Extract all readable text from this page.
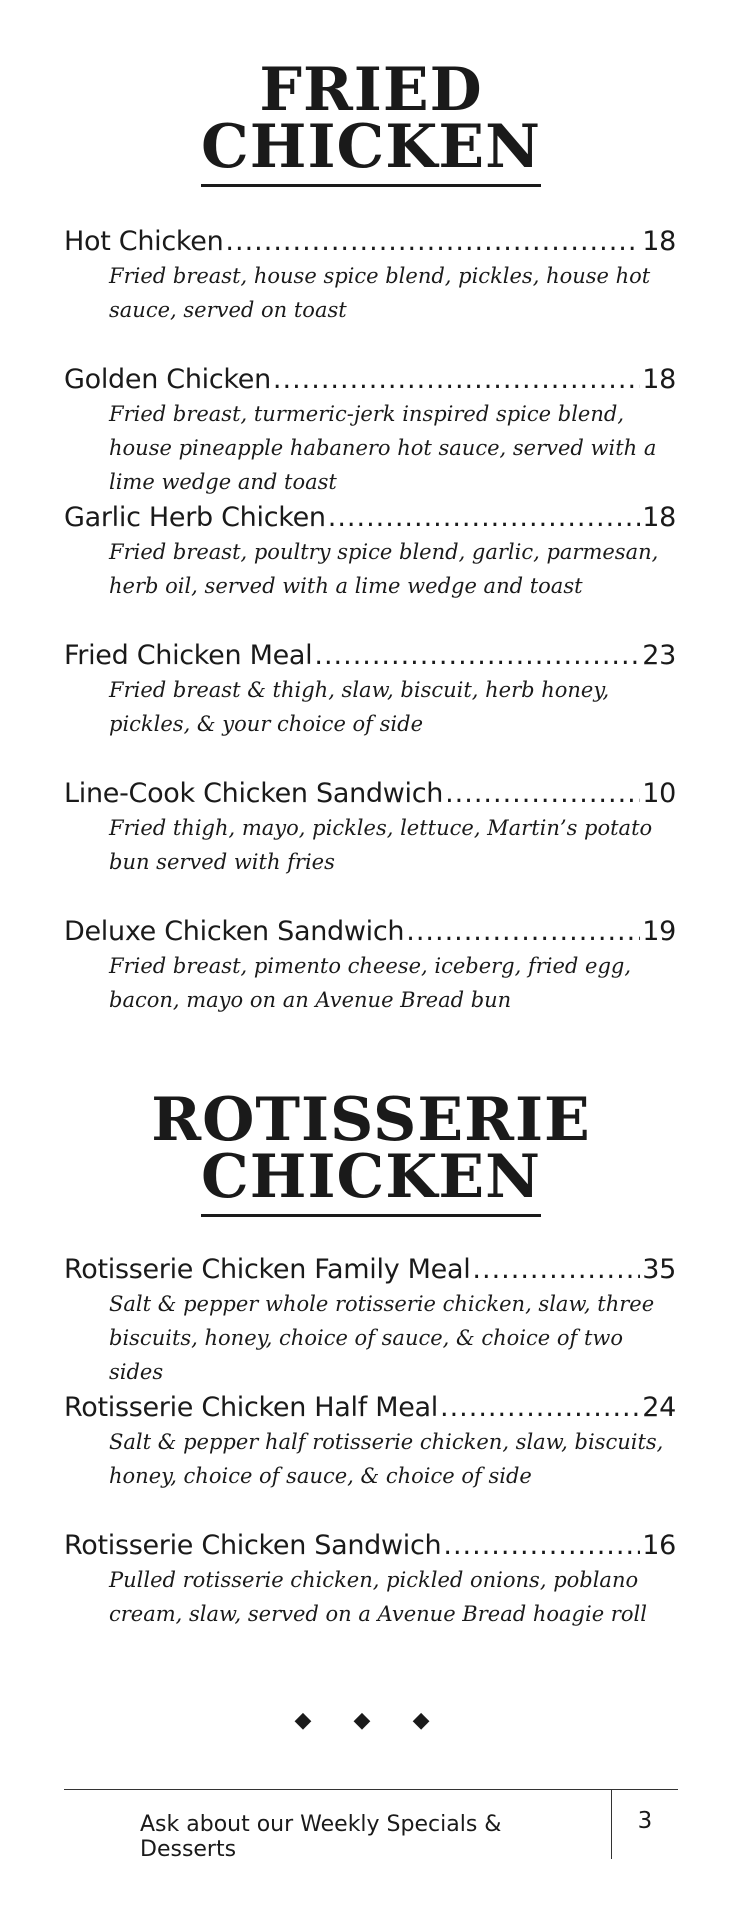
FRIED
CHICKEN
Hot Chicken .....	18
Fried breast, house spice blend, pickles, house hot sauce, served on toast
Golden Chicken .....	18
Fried breast, turmeric-jerk inspired spice blend, house pineapple habanero hot sauce, served with a lime wedge and toast
Garlic Herb Chicken .....	18
Fried breast, poultry spice blend, garlic, parmesan, herb oil, served with a lime wedge and toast
Fried Chicken Meal .....	23
Fried breast & thigh, slaw, biscuit, herb honey, pickles, & your choice of side
Line-Cook Chicken Sandwich .....	10
Fried thigh, mayo, pickles, lettuce, Martin’s potato bun served with fries
Deluxe Chicken Sandwich .....	19
Fried breast, pimento cheese, iceberg, fried egg, bacon, mayo on an Avenue Bread bun
ROTISSERIE
CHICKEN
Rotisserie Chicken Family Meal .....	35
Salt & pepper whole rotisserie chicken, slaw, three biscuits, honey, choice of sauce, & choice of two sides
Rotisserie Chicken Half Meal .....	24
Salt & pepper half rotisserie chicken, slaw, biscuits, honey, choice of sauce, & choice of side
Rotisserie Chicken Sandwich .....	16
Pulled rotisserie chicken, pickled onions, poblano cream, slaw, served on a Avenue Bread hoagie roll
◆ ◆ ◆
Ask about our Weekly Specials & Desserts
3
